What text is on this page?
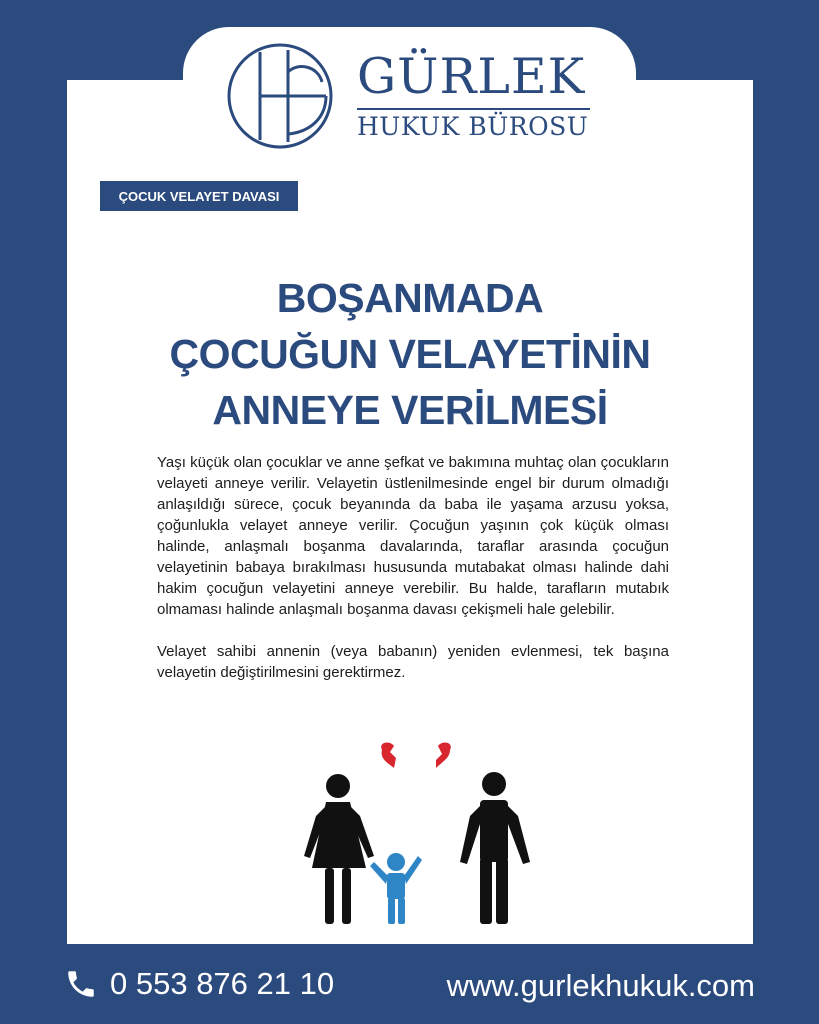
GÜRLEK
HUKUK BÜROSU
ÇOCUK VELAYET DAVASI
BOŞANMADA
ÇOCUĞUN VELAYETİNİN
ANNEYE VERİLMESİ

Yaşı küçük olan çocuklar ve anne şefkat ve bakımına muhtaç olan çocukların velayeti anneye verilir. Velayetin üstlenilmesinde engel bir durum olmadığı anlaşıldığı sürece, çocuk beyanında da baba ile yaşama arzusu yoksa, çoğunlukla velayet anneye verilir. Çocuğun yaşının çok küçük olması halinde, anlaşmalı boşanma davalarında, taraflar arasında çocuğun velayetinin babaya bırakılması hususunda mutabakat olması halinde dahi hakim çocuğun velayetini anneye verebilir. Bu halde, tarafların mutabık olmaması halinde anlaşmalı boşanma davası çekişmeli hale gelebilir.

Velayet sahibi annenin (veya babanın) yeniden evlenmesi, tek başına velayetin değiştirilmesini gerektirmez.

0 553 876 21 10	www.gurlekhukuk.com
